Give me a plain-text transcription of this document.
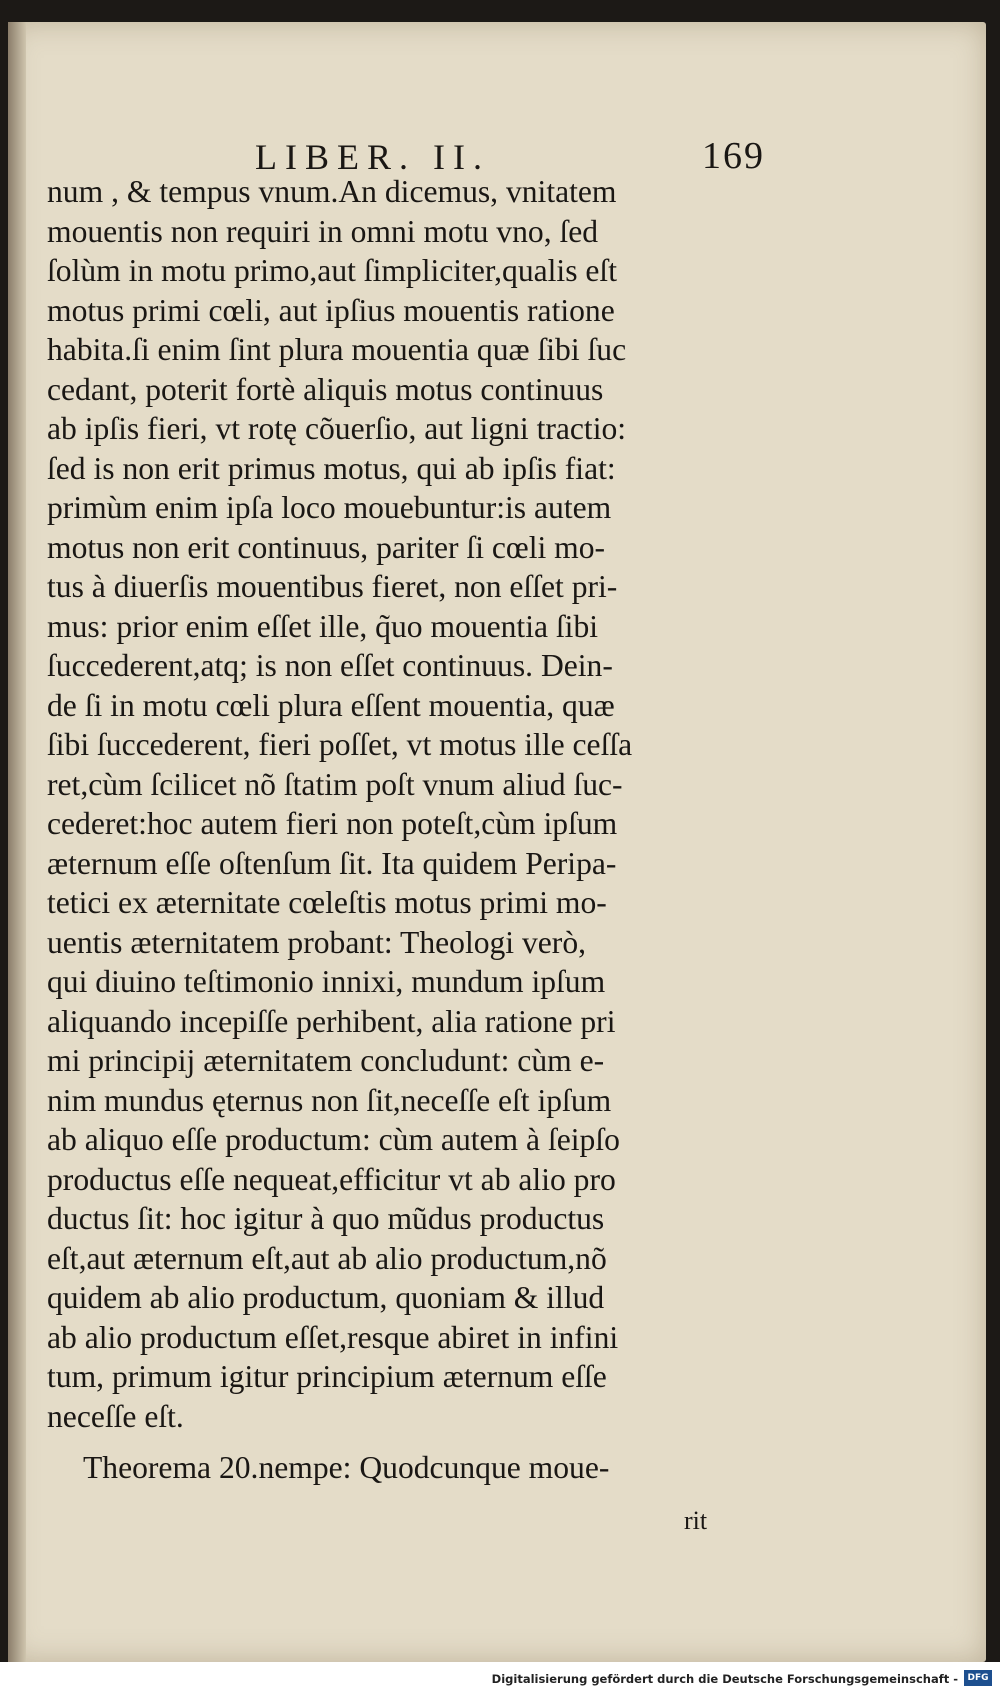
LIBER. II.	169
num , & tempus vnum.An dicemus, vnitatem
mouentis non requiri in omni motu vno, ſed
ſolùm in motu primo,aut ſimpliciter,qualis eſt
motus primi cœli, aut ipſius mouentis ratione
habita.ſi enim ſint plura mouentia quæ ſibi ſuc
cedant, poterit fortè aliquis motus continuus
ab ipſis fieri, vt rotę cõuerſio, aut ligni tractio:
ſed is non erit primus motus, qui ab ipſis fiat:
primùm enim ipſa loco mouebuntur:is autem
motus non erit continuus, pariter ſi cœli mo-
tus à diuerſis mouentibus fieret, non eſſet pri-
mus: prior enim eſſet ille, q̃uo mouentia ſibi
ſuccederent,atq; is non eſſet continuus. Dein-
de ſi in motu cœli plura eſſent mouentia, quæ
ſibi ſuccederent, fieri poſſet, vt motus ille ceſſa
ret,cùm ſcilicet nõ ſtatim poſt vnum aliud ſuc-
cederet:hoc autem fieri non poteſt,cùm ipſum
æternum eſſe oſtenſum ſit. Ita quidem Peripa-
tetici ex æternitate cœleſtis motus primi mo-
uentis æternitatem probant: Theologi verò,
qui diuino teſtimonio innixi, mundum ipſum
aliquando incepiſſe perhibent, alia ratione pri
mi principij æternitatem concludunt: cùm e-
nim mundus ęternus non ſit,neceſſe eſt ipſum
ab aliquo eſſe productum: cùm autem à ſeipſo
productus eſſe nequeat,efficitur vt ab alio pro
ductus ſit: hoc igitur à quo mũdus productus
eſt,aut æternum eſt,aut ab alio productum,nõ
quidem ab alio productum, quoniam & illud
ab alio productum eſſet,resque abiret in infini
tum, primum igitur principium æternum eſſe
neceſſe eſt.
Theorema 20.nempe: Quodcunque moue-
rit
Digitalisierung gefördert durch die Deutsche Forschungsgemeinschaft -	DFG
